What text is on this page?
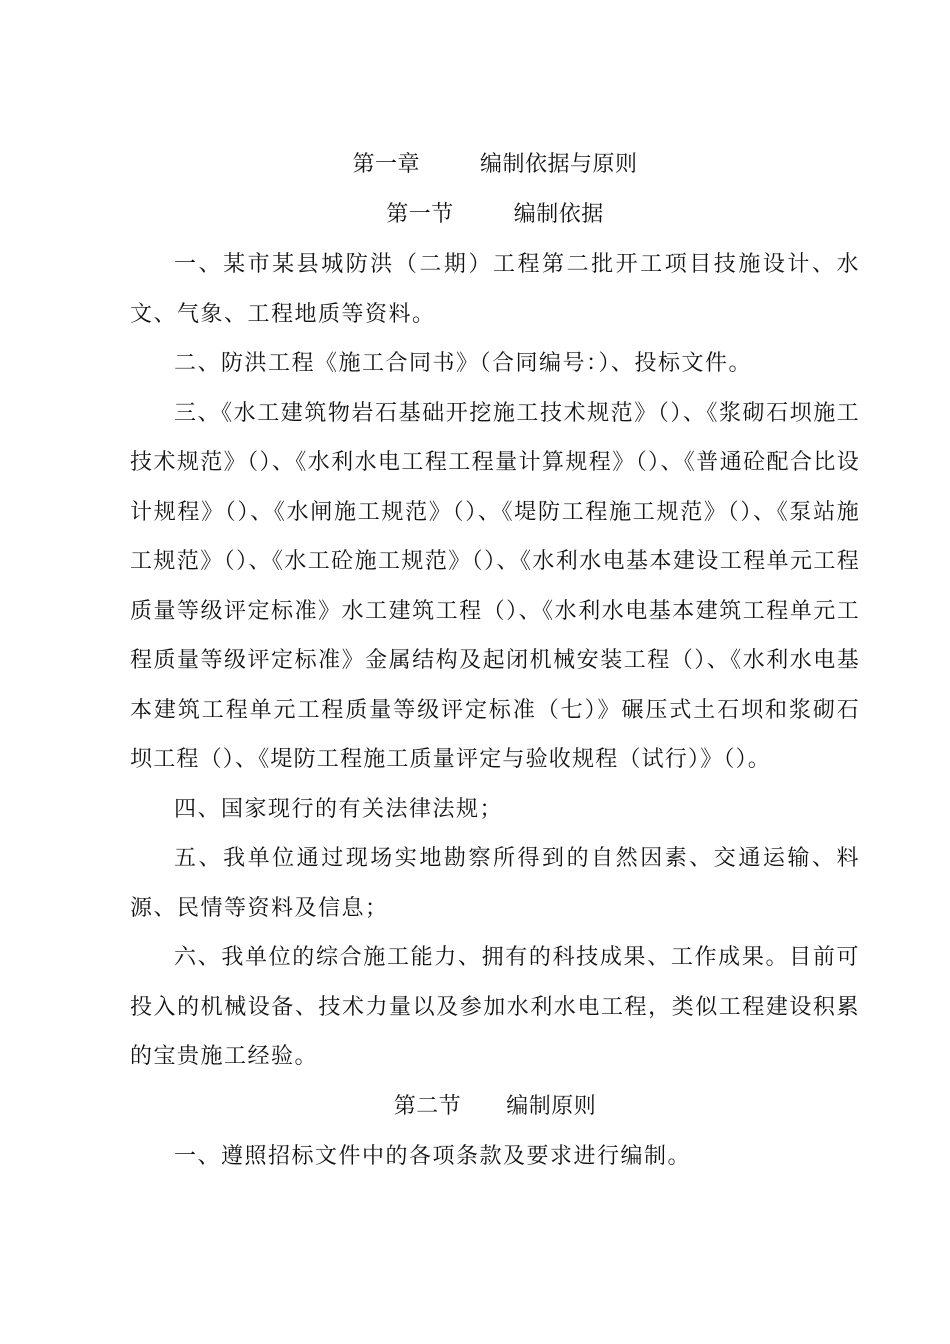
第一章        编制依据与原则
第一节        编制依据

一、某市某县城防洪（二期）工程第二批开工项目技施设计、水文、气象、工程地质等资料。

二、防洪工程《施工合同书》（合同编号：）、投标文件。

三、《水工建筑物岩石基础开挖施工技术规范》（）、《浆砌石坝施工技术规范》（）、《水利水电工程工程量计算规程》（）、《普通砼配合比设计规程》（）、《水闸施工规范》（）、《堤防工程施工规范》（）、《泵站施工规范》（）、《水工砼施工规范》（）、《水利水电基本建设工程单元工程质量等级评定标准》水工建筑工程（）、《水利水电基本建筑工程单元工程质量等级评定标准》金属结构及起闭机械安装工程（）、《水利水电基本建筑工程单元工程质量等级评定标准（七）》碾压式土石坝和浆砌石坝工程（）、《堤防工程施工质量评定与验收规程（试行）》（）。

四、国家现行的有关法律法规；

五、我单位通过现场实地勘察所得到的自然因素、交通运输、料源、民情等资料及信息；

六、我单位的综合施工能力、拥有的科技成果、工作成果。目前可投入的机械设备、技术力量以及参加水利水电工程，类似工程建设积累的宝贵施工经验。

第二节      编制原则

一、遵照招标文件中的各项条款及要求进行编制。
